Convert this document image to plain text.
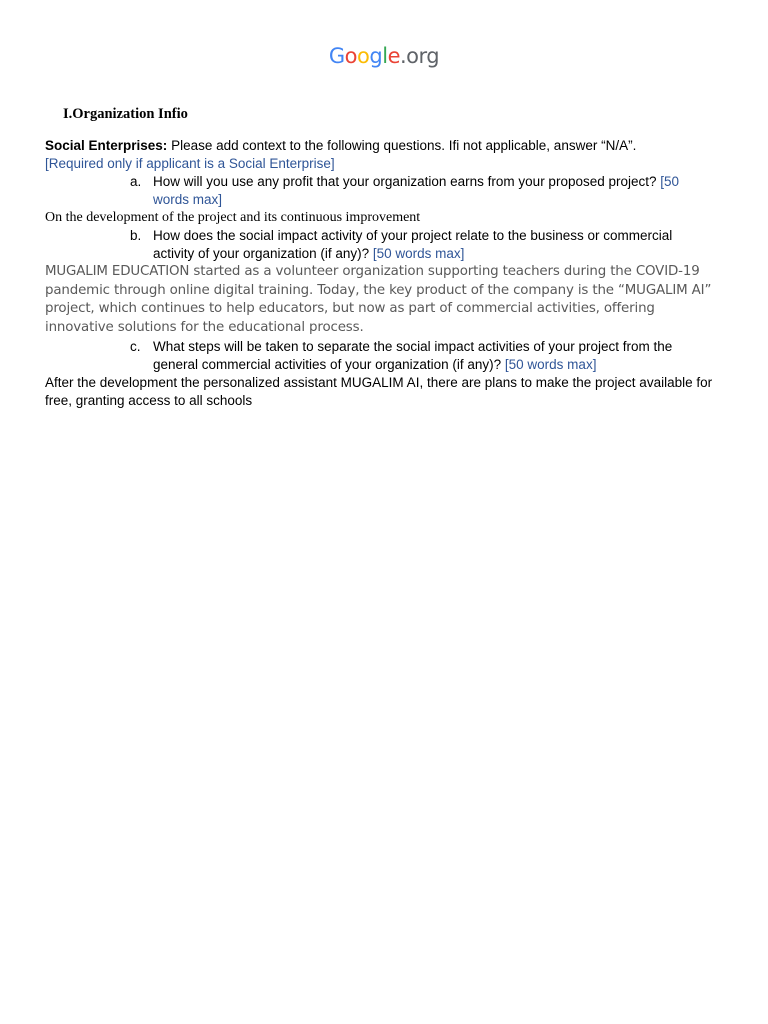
Google.org
I.Organization Infio

Social Enterprises: Please add context to the following questions. Ifi not applicable, answer “N/A”.

[Required only if applicant is a Social Enterprise]

a. How will you use any profit that your organization earns from your proposed project? [50 words max]

On the development of the project and its continuous improvement

b. How does the social impact activity of your project relate to the business or commercial activity of your organization (if any)? [50 words max]

MUGALIM EDUCATION started as a volunteer organization supporting teachers during the COVID-19 pandemic through online digital training. Today, the key product of the company is the “MUGALIM AI” project, which continues to help educators, but now as part of commercial activities, offering innovative solutions for the educational process.

c. What steps will be taken to separate the social impact activities of your project from the general commercial activities of your organization (if any)? [50 words max]

After the development the personalized assistant MUGALIM AI, there are plans to make the project available for free, granting access to all schools
